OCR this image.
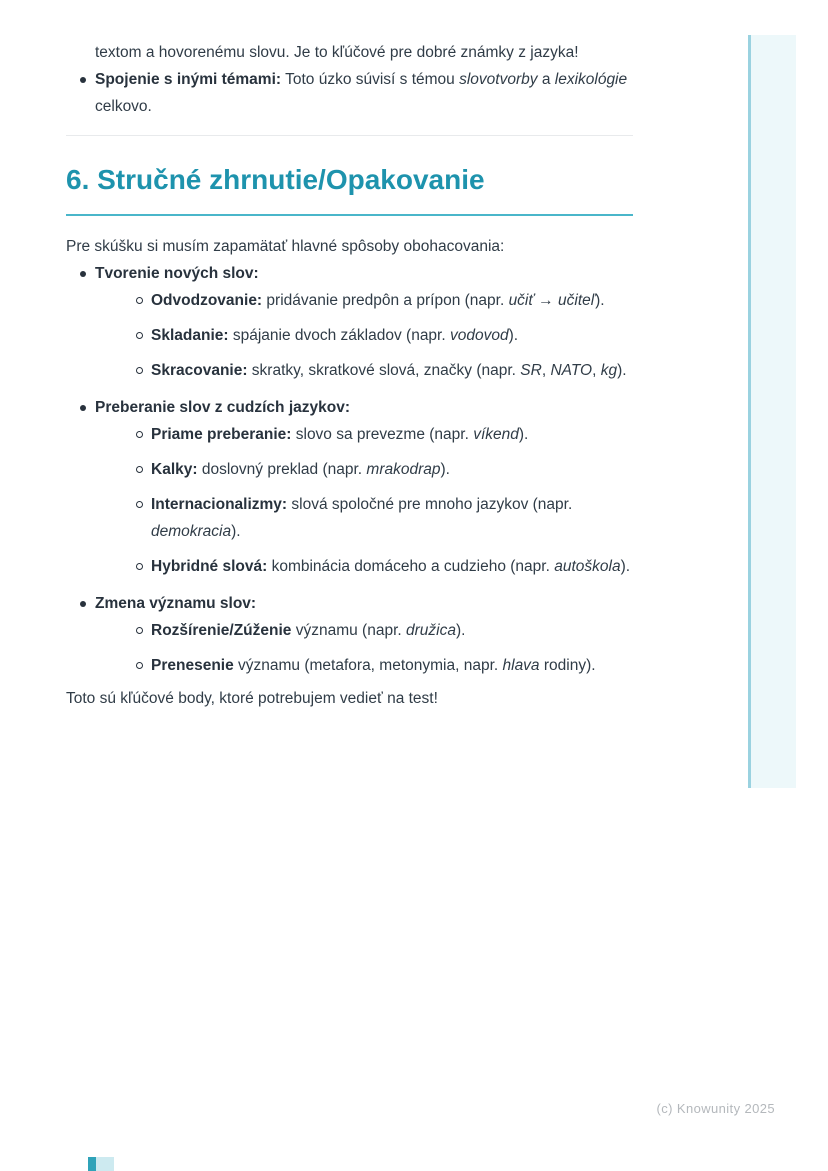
textom a hovorenému slovu. Je to kľúčové pre dobré známky z jazyka!

Spojenie s inými témami: Toto úzko súvisí s témou slovotvorby a lexikológie celkovo.
6. Stručné zhrnutie/Opakovanie

Pre skúšku si musím zapamätať hlavné spôsoby obohacovania:

Tvorenie nových slov:
Odvodzovanie: pridávanie predpôn a prípon (napr. učiť → učiteľ).
Skladanie: spájanie dvoch základov (napr. vodovod).
Skracovanie: skratky, skratkové slová, značky (napr. SR, NATO, kg).
Preberanie slov z cudzích jazykov:
Priame preberanie: slovo sa prevezme (napr. víkend).
Kalky: doslovný preklad (napr. mrakodrap).
Internacionalizmy: slová spoločné pre mnoho jazykov (napr. demokracia).
Hybridné slová: kombinácia domáceho a cudzieho (napr. autoškola).
Zmena významu slov:
Rozšírenie/Zúženie významu (napr. družica).
Prenesenie významu (metafora, metonymia, napr. hlava rodiny).

Toto sú kľúčové body, ktoré potrebujem vedieť na test!

(c) Knowunity 2025
